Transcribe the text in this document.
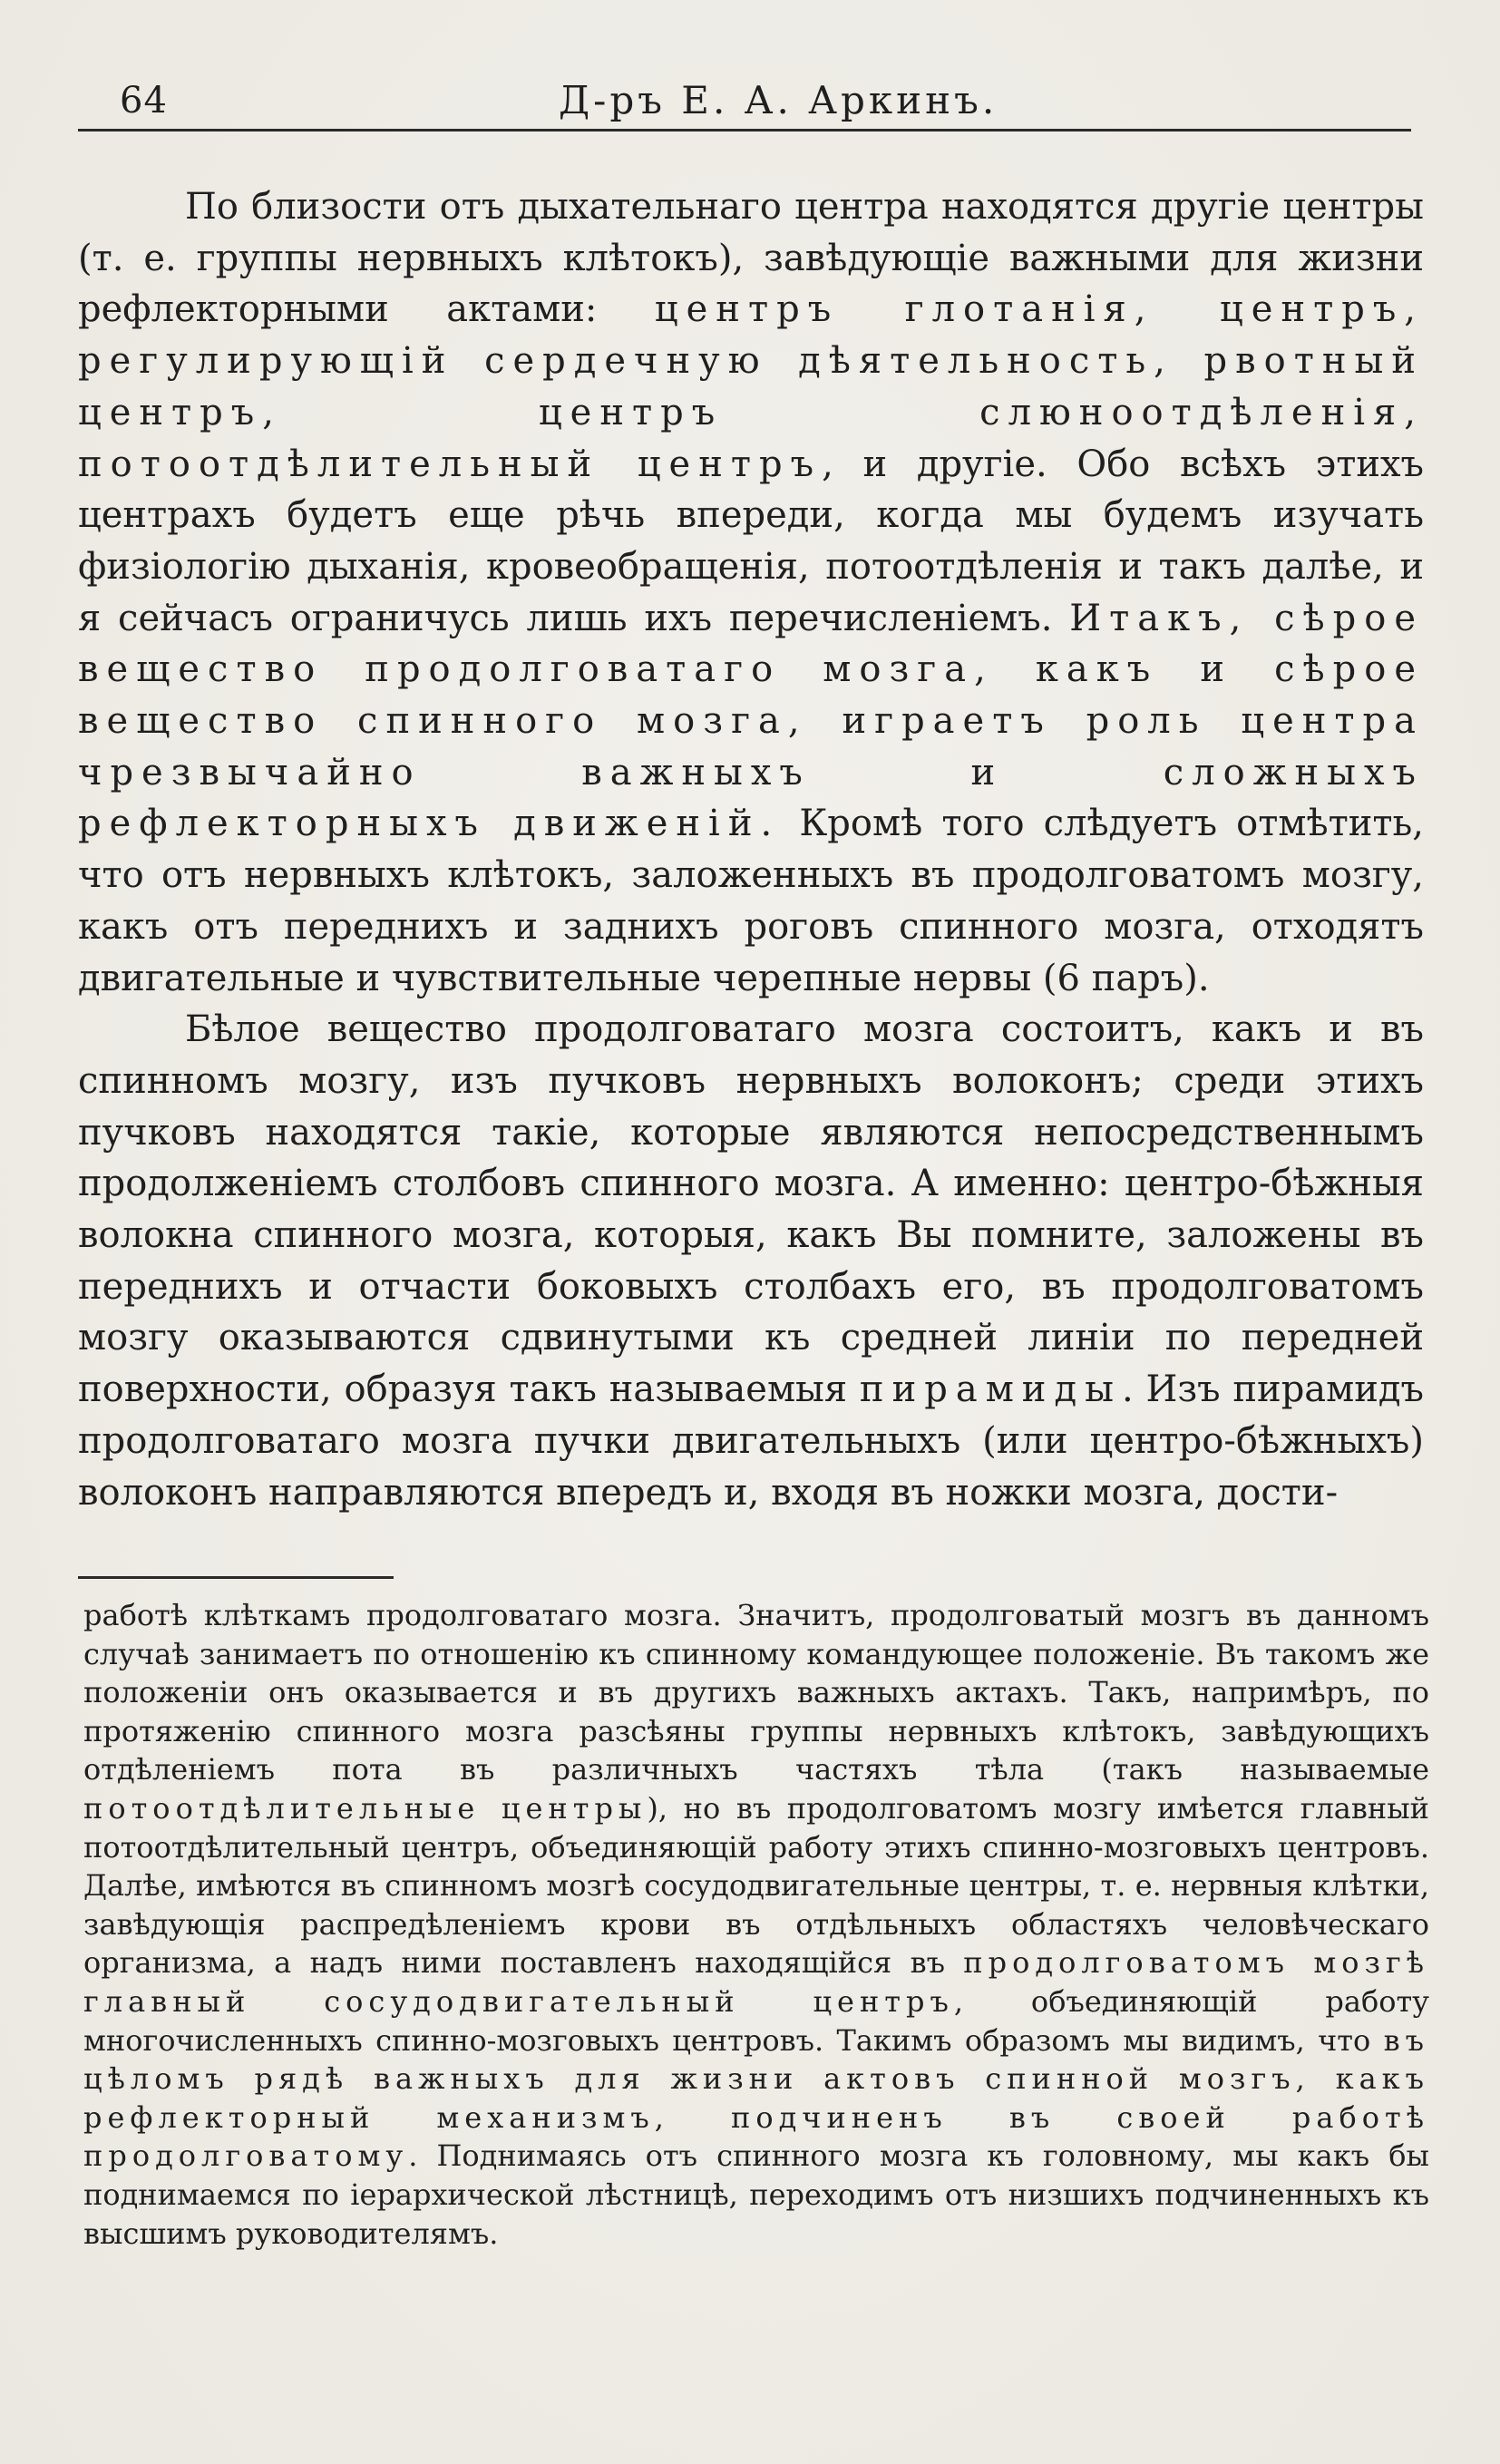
64	Д-ръ Е. А. Аркинъ.

По близости отъ дыхательнаго центра находятся другіе центры (т. е. группы нервныхъ клѣтокъ), завѣдующіе важными для жизни рефлекторными актами: центръ глотанія, центръ, регулирующій сердечную дѣятельность, рвотный центръ, центръ слюноотдѣленія, потоотдѣлительный центръ, и другіе. Обо всѣхъ этихъ центрахъ будетъ еще рѣчь впереди, когда мы будемъ изучать физіологію дыханія, кровеобращенія, потоотдѣленія и такъ далѣе, и я сейчасъ ограничусь лишь ихъ перечисленіемъ. Итакъ, сѣрое вещество продолговатаго мозга, какъ и сѣрое вещество спинного мозга, играетъ роль центра чрезвычайно важныхъ и сложныхъ рефлекторныхъ движеній. Кромѣ того слѣдуетъ отмѣтить, что отъ нервныхъ клѣтокъ, заложенныхъ въ продолговатомъ мозгу, какъ отъ переднихъ и заднихъ роговъ спинного мозга, отходятъ двигательные и чувствительные черепные нервы (6 паръ).

Бѣлое вещество продолговатаго мозга состоитъ, какъ и въ спинномъ мозгу, изъ пучковъ нервныхъ волоконъ; среди этихъ пучковъ находятся такіе, которые являются непосредственнымъ продолженіемъ столбовъ спинного мозга. А именно: центро-бѣжныя волокна спинного мозга, которыя, какъ Вы помните, заложены въ переднихъ и отчасти боковыхъ столбахъ его, въ продолговатомъ мозгу оказываются сдвинутыми къ средней линіи по передней поверхности, образуя такъ называемыя пирамиды. Изъ пирамидъ продолговатаго мозга пучки двигательныхъ (или центро-бѣжныхъ) волоконъ направляются впередъ и, входя въ ножки мозга, дости-

работѣ клѣткамъ продолговатаго мозга. Значитъ, продолговатый мозгъ въ данномъ случаѣ занимаетъ по отношенію къ спинному командующее положеніе. Въ такомъ же положеніи онъ оказывается и въ другихъ важныхъ актахъ. Такъ, напримѣръ, по протяженію спинного мозга разсѣяны группы нервныхъ клѣтокъ, завѣдующихъ отдѣленіемъ пота въ различныхъ частяхъ тѣла (такъ называемые потоотдѣлительные центры), но въ продолговатомъ мозгу имѣется главный потоотдѣлительный центръ, объединяющій работу этихъ спинно-мозговыхъ центровъ. Далѣе, имѣются въ спинномъ мозгѣ сосудодвигательные центры, т. е. нервныя клѣтки, завѣдующія распредѣленіемъ крови въ отдѣльныхъ областяхъ человѣческаго организма, а надъ ними поставленъ находящійся въ продолговатомъ мозгѣ главный сосудодвигательный центръ, объединяющій работу многочисленныхъ спинно-мозговыхъ центровъ. Такимъ образомъ мы видимъ, что въ цѣломъ рядѣ важныхъ для жизни актовъ спинной мозгъ, какъ рефлекторный механизмъ, подчиненъ въ своей работѣ продолговатому. Поднимаясь отъ спинного мозга къ головному, мы какъ бы поднимаемся по іерархической лѣстницѣ, переходимъ отъ низшихъ подчиненныхъ къ высшимъ руководителямъ.
